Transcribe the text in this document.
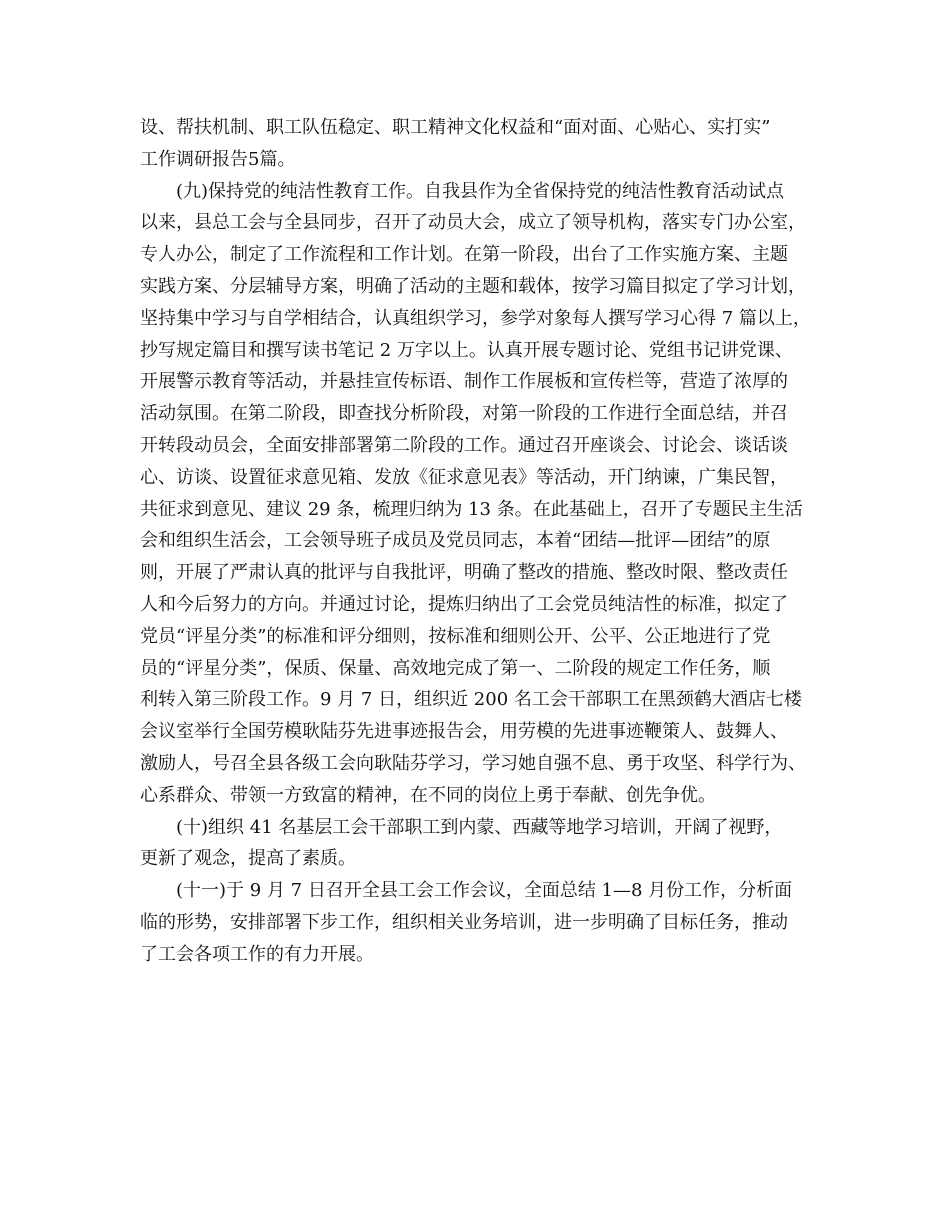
设、帮扶机制、职工队伍稳定、职工精神文化权益和“面对面、心贴心、实打实”
工作调研报告5篇。
(九)保持党的纯洁性教育工作。自我县作为全省保持党的纯洁性教育活动试点
以来，县总工会与全县同步，召开了动员大会，成立了领导机构，落实专门办公室，
专人办公，制定了工作流程和工作计划。在第一阶段，出台了工作实施方案、主题
实践方案、分层辅导方案，明确了活动的主题和载体，按学习篇目拟定了学习计划，
坚持集中学习与自学相结合，认真组织学习，参学对象每人撰写学习心得 7 篇以上，
抄写规定篇目和撰写读书笔记 2 万字以上。认真开展专题讨论、党组书记讲党课、
开展警示教育等活动，并悬挂宣传标语、制作工作展板和宣传栏等，营造了浓厚的
活动氛围。在第二阶段，即查找分析阶段，对第一阶段的工作进行全面总结，并召
开转段动员会，全面安排部署第二阶段的工作。通过召开座谈会、讨论会、谈话谈
心、访谈、设置征求意见箱、发放《征求意见表》等活动，开门纳谏，广集民智，
共征求到意见、建议 29 条，梳理归纳为 13 条。在此基础上，召开了专题民主生活
会和组织生活会，工会领导班子成员及党员同志，本着“团结—批评—团结”的原
则，开展了严肃认真的批评与自我批评，明确了整改的措施、整改时限、整改责任
人和今后努力的方向。并通过讨论，提炼归纳出了工会党员纯洁性的标准，拟定了
党员“评星分类”的标准和评分细则，按标准和细则公开、公平、公正地进行了党
员的“评星分类”，保质、保量、高效地完成了第一、二阶段的规定工作任务，顺
利转入第三阶段工作。9 月 7 日，组织近 200 名工会干部职工在黑颈鹤大酒店七楼
会议室举行全国劳模耿陆芬先进事迹报告会，用劳模的先进事迹鞭策人、鼓舞人、
激励人，号召全县各级工会向耿陆芬学习，学习她自强不息、勇于攻坚、科学行为、
心系群众、带领一方致富的精神，在不同的岗位上勇于奉献、创先争优。
(十)组织 41 名基层工会干部职工到内蒙、西藏等地学习培训，开阔了视野，
更新了观念，提高了素质。
(十一)于 9 月 7 日召开全县工会工作会议，全面总结 1—8 月份工作，分析面
临的形势，安排部署下步工作，组织相关业务培训，进一步明确了目标任务，推动
了工会各项工作的有力开展。
